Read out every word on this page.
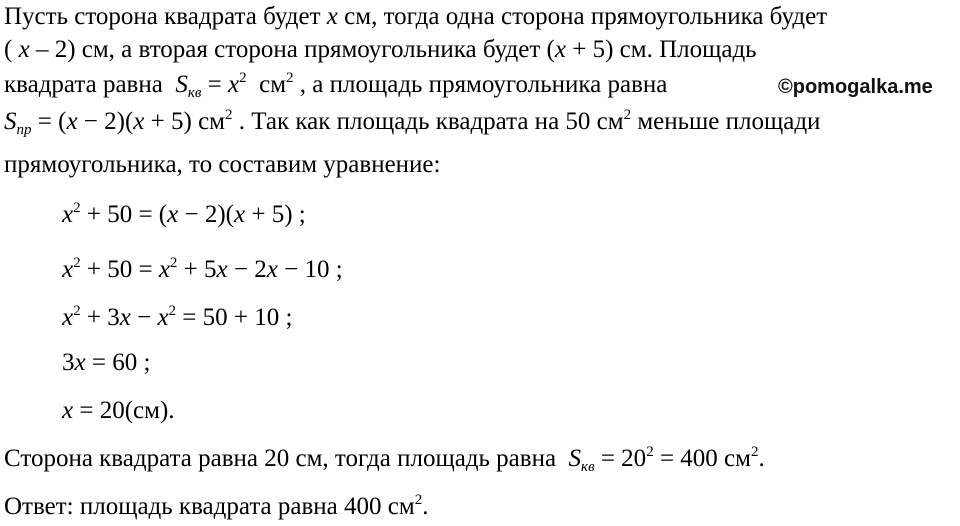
Пусть сторона квадрата будет x см, тогда одна сторона прямоугольника будет
( x – 2) см, а вторая сторона прямоугольника будет (x + 5) см. Площадь
квадрата равна  $S_{кв} = x^2$  $см^2$ , а площадь прямоугольника равна	©pomogalka.me
$S_{пр} = (x - 2)(x + 5)$ $см^2$ . Так как площадь квадрата на 50 $см^2$ меньше площади
прямоугольника, то составим уравнение:
$x^2 + 50 = (x - 2)(x + 5)$ ;
$x^2 + 50 = x^2 + 5x - 2x - 10$ ;
$x^2 + 3x - x^2 = 50 + 10$ ;
3x = 60 ;
x = 20(см).
Сторона квадрата равна 20 см, тогда площадь равна  $S_{кв} = 20^2 = 400$ $см^2$.
Ответ: площадь квадрата равна 400 $см^2$.
